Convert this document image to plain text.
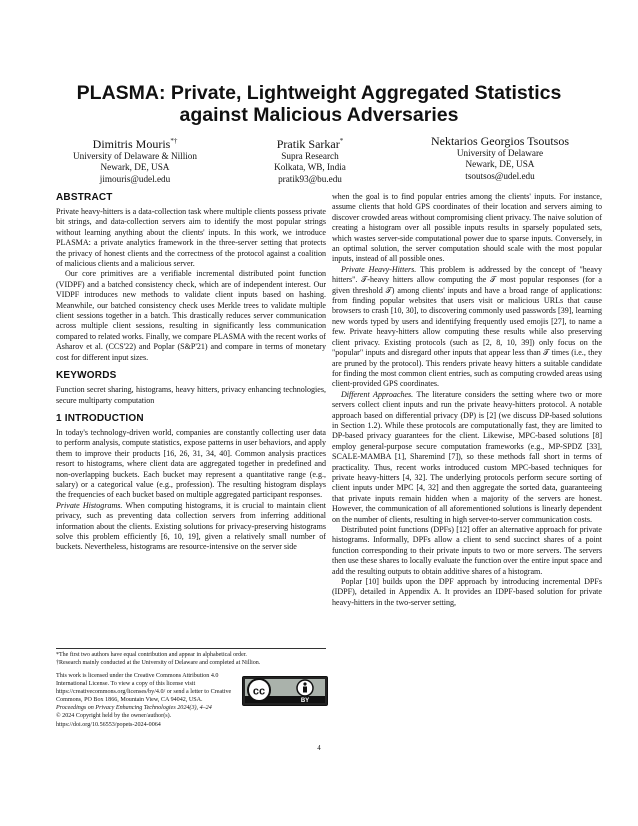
PLASMA: Private, Lightweight Aggregated Statistics against Malicious Adversaries
Dimitris Mouris*†
University of Delaware & Nillion
Newark, DE, USA
jimouris@udel.edu
Pratik Sarkar*
Supra Research
Kolkata, WB, India
pratik93@bu.edu
Nektarios Georgios Tsoutsos
University of Delaware
Newark, DE, USA
tsoutsos@udel.edu
ABSTRACT

Private heavy-hitters is a data-collection task where multiple clients possess private bit strings, and data-collection servers aim to identify the most popular strings without learning anything about the clients' inputs. In this work, we introduce PLASMA: a private analytics framework in the three-server setting that protects the privacy of honest clients and the correctness of the protocol against a coalition of malicious clients and a malicious server.

Our core primitives are a verifiable incremental distributed point function (VIDPF) and a batched consistency check, which are of independent interest. Our VIDPF introduces new methods to validate client inputs based on hashing. Meanwhile, our batched consistency check uses Merkle trees to validate multiple client sessions together in a batch. This drastically reduces server communication across multiple client sessions, resulting in significantly less communication compared to related works. Finally, we compare PLASMA with the recent works of Asharov et al. (CCS'22) and Poplar (S&P'21) and compare in terms of monetary cost for different input sizes.

KEYWORDS

Function secret sharing, histograms, heavy hitters, privacy enhancing technologies, secure multiparty computation

1 INTRODUCTION

In today's technology-driven world, companies are constantly collecting user data to perform analysis, compute statistics, expose patterns in user behaviors, and apply them to improve their products [16, 26, 31, 34, 40]. Common analysis practices resort to histograms, where client data are aggregated together in predefined and non-overlapping buckets. Each bucket may represent a quantitative range (e.g., salary) or a categorical value (e.g., profession). The resulting histogram displays the frequencies of each bucket based on multiple aggregated participant responses.

Private Histograms. When computing histograms, it is crucial to maintain client privacy, such as preventing data collection servers from inferring additional information about the clients. Existing solutions for privacy-preserving histograms solve this problem efficiently [6, 10, 19], given a relatively small number of buckets. Nevertheless, histograms are resource-intensive on the server side

*The first two authors have equal contribution and appear in alphabetical order.

†Research mainly conducted at the University of Delaware and completed at Nillion.

This work is licensed under the Creative Commons Attribution 4.0 International License. To view a copy of this license visit https://creativecommons.org/licenses/by/4.0/ or send a letter to Creative Commons, PO Box 1866, Mountain View, CA 94042, USA.
Proceedings on Privacy Enhancing Technologies 2024(3), 4–24
© 2024 Copyright held by the owner/author(s).
https://doi.org/10.56553/popets-2024-0064
cc
BY

when the goal is to find popular entries among the clients' inputs. For instance, assume clients that hold GPS coordinates of their location and servers aiming to discover crowded areas without compromising client privacy. The naive solution of creating a histogram over all possible inputs results in sparsely populated sets, which wastes server-side computational power due to sparse inputs. Conversely, in an optimal solution, the server computation should scale with the most popular inputs, instead of all possible ones.

Private Heavy-Hitters. This problem is addressed by the concept of "heavy hitters". 𝒯-heavy hitters allow computing the 𝒯 most popular responses (for a given threshold 𝒯) among clients' inputs and have a broad range of applications: from finding popular websites that users visit or malicious URLs that cause browsers to crash [10, 30], to discovering commonly used passwords [39], learning new words typed by users and identifying frequently used emojis [27], to name a few. Private heavy-hitters allow computing these results while also preserving client privacy. Existing protocols (such as [2, 8, 10, 39]) only focus on the "popular" inputs and disregard other inputs that appear less than 𝒯 times (i.e., they are pruned by the protocol). This renders private heavy hitters a suitable candidate for finding the most common client entries, such as computing crowded areas using client-provided GPS coordinates.

Different Approaches. The literature considers the setting where two or more servers collect client inputs and run the private heavy-hitters protocol. A notable approach based on differential privacy (DP) is [2] (we discuss DP-based solutions in Section 1.2). While these protocols are computationally fast, they are limited to DP-based privacy guarantees for the client. Likewise, MPC-based solutions [8] employ general-purpose secure computation frameworks (e.g., MP-SPDZ [33], SCALE-MAMBA [1], Sharemind [7]), so these methods fall short in terms of practicality. Thus, recent works introduced custom MPC-based techniques for private heavy-hitters [4, 32]. The underlying protocols perform secure sorting of client inputs under MPC [4, 32] and then aggregate the sorted data, guaranteeing that private inputs remain hidden when a majority of the servers are honest. However, the communication of all aforementioned solutions is linearly dependent on the number of clients, resulting in high server-to-server communication costs.

Distributed point functions (DPFs) [12] offer an alternative approach for private histograms. Informally, DPFs allow a client to send succinct shares of a point function corresponding to their private inputs to two or more servers. The servers then use these shares to locally evaluate the function over the entire input space and add the resulting outputs to obtain additive shares of a histogram.

Poplar [10] builds upon the DPF approach by introducing incremental DPFs (IDPF), detailed in Appendix A. It provides an IDPF-based solution for private heavy-hitters in the two-server setting,

4
